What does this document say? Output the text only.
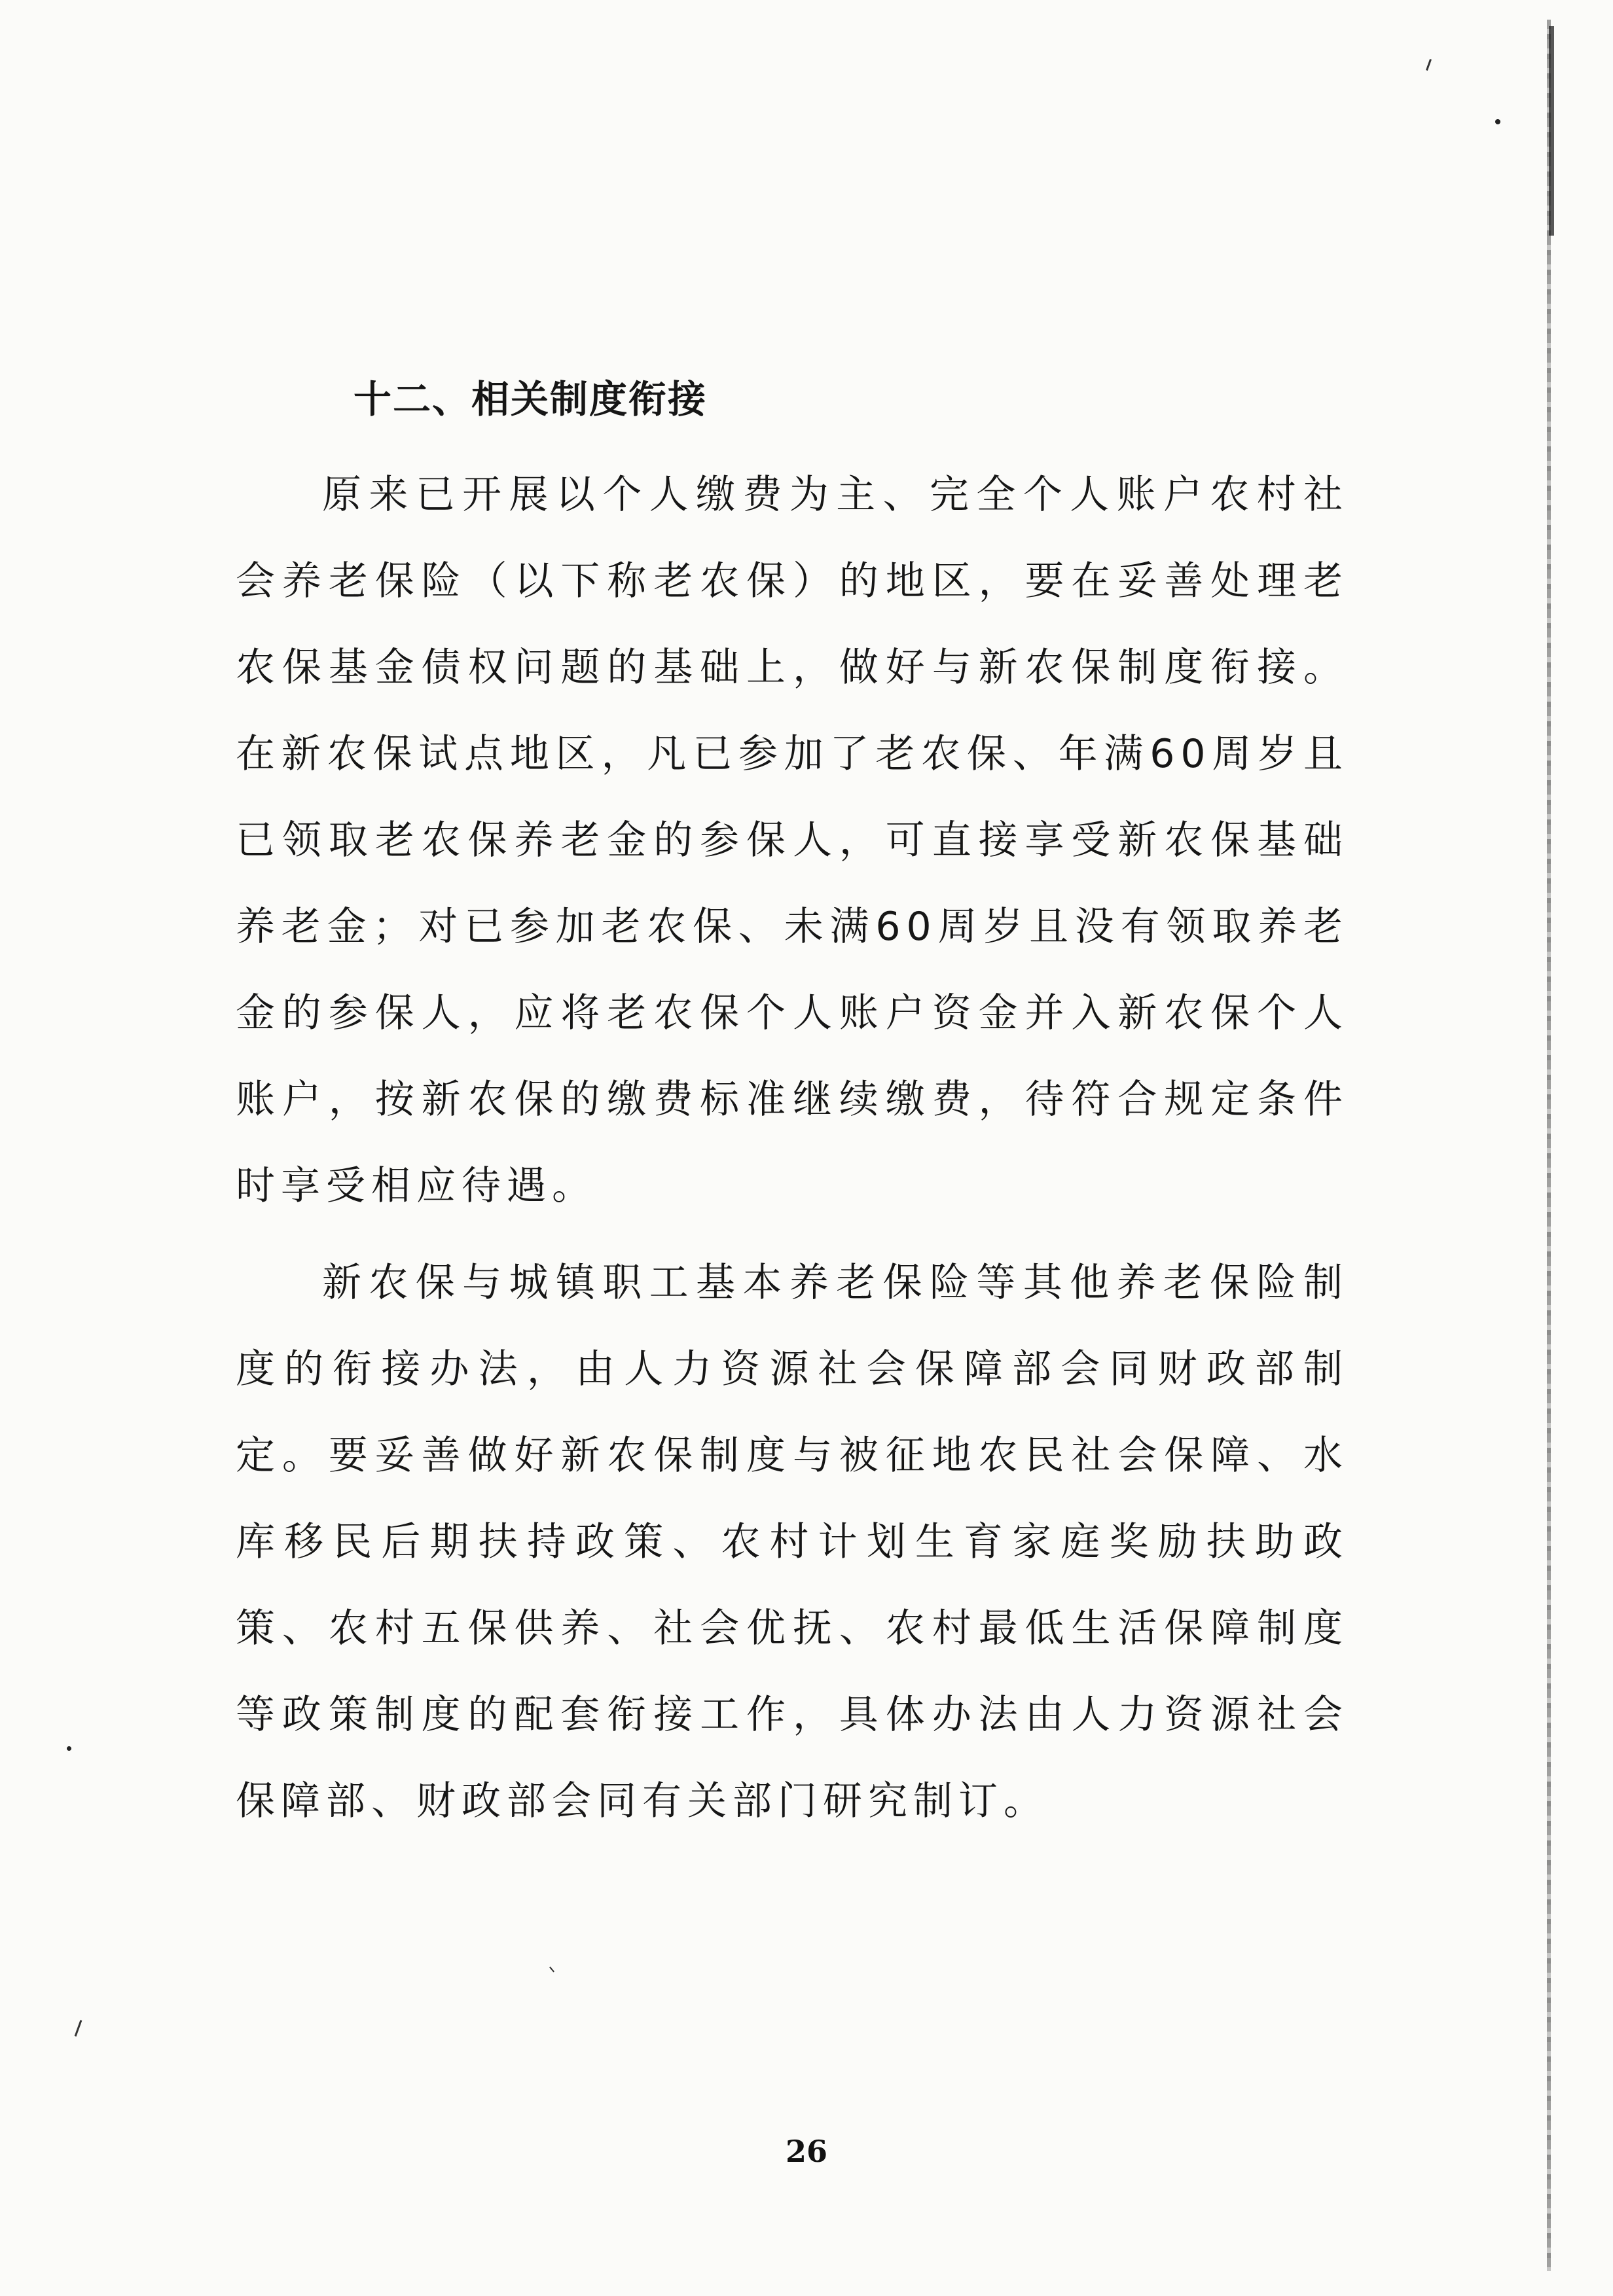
十二、相关制度衔接

原来已开展以个人缴费为主、完全个人账户农村社会养老保险（以下称老农保）的地区，要在妥善处理老农保基金债权问题的基础上，做好与新农保制度衔接。在新农保试点地区，凡已参加了老农保、年满60周岁且已领取老农保养老金的参保人，可直接享受新农保基础养老金；对已参加老农保、未满60周岁且没有领取养老金的参保人，应将老农保个人账户资金并入新农保个人账户，按新农保的缴费标准继续缴费，待符合规定条件时享受相应待遇。

新农保与城镇职工基本养老保险等其他养老保险制度的衔接办法，由人力资源社会保障部会同财政部制定。要妥善做好新农保制度与被征地农民社会保障、水库移民后期扶持政策、农村计划生育家庭奖励扶助政策、农村五保供养、社会优抚、农村最低生活保障制度等政策制度的配套衔接工作，具体办法由人力资源社会保障部、财政部会同有关部门研究制订。

26
